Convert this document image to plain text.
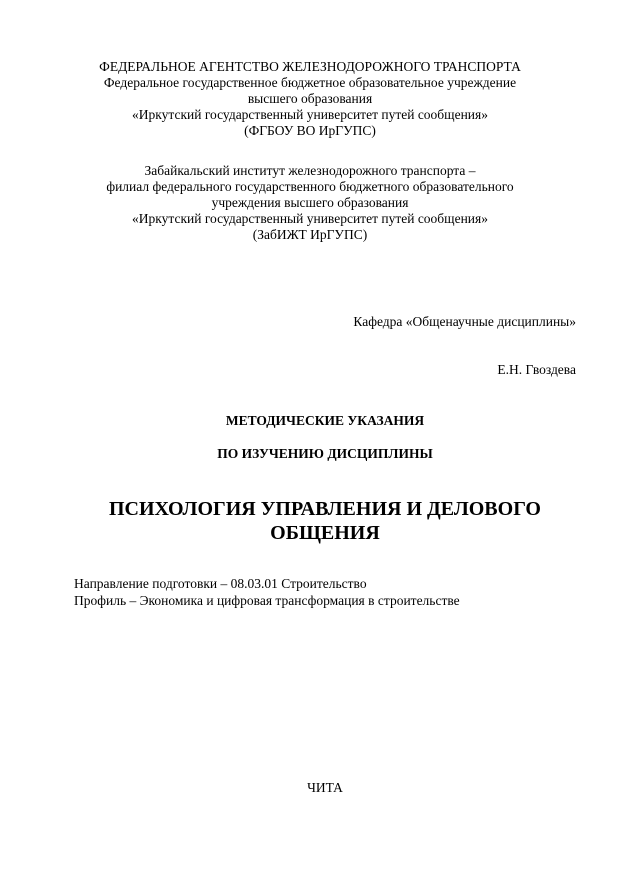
ФЕДЕРАЛЬНОЕ АГЕНТСТВО ЖЕЛЕЗНОДОРОЖНОГО ТРАНСПОРТА
Федеральное государственное бюджетное образовательное учреждение
высшего образования
«Иркутский государственный университет путей сообщения»
(ФГБОУ ВО ИрГУПС)
Забайкальский институт железнодорожного транспорта –
филиал федерального государственного бюджетного образовательного
учреждения высшего образования
«Иркутский государственный университет путей сообщения»
(ЗабИЖТ ИрГУПС)
Кафедра «Общенаучные дисциплины»
Е.Н. Гвоздева
МЕТОДИЧЕСКИЕ УКАЗАНИЯ
ПО ИЗУЧЕНИЮ ДИСЦИПЛИНЫ
ПСИХОЛОГИЯ УПРАВЛЕНИЯ И ДЕЛОВОГО
ОБЩЕНИЯ
Направление подготовки – 08.03.01 Строительство
Профиль – Экономика и цифровая трансформация в строительстве
ЧИТА
